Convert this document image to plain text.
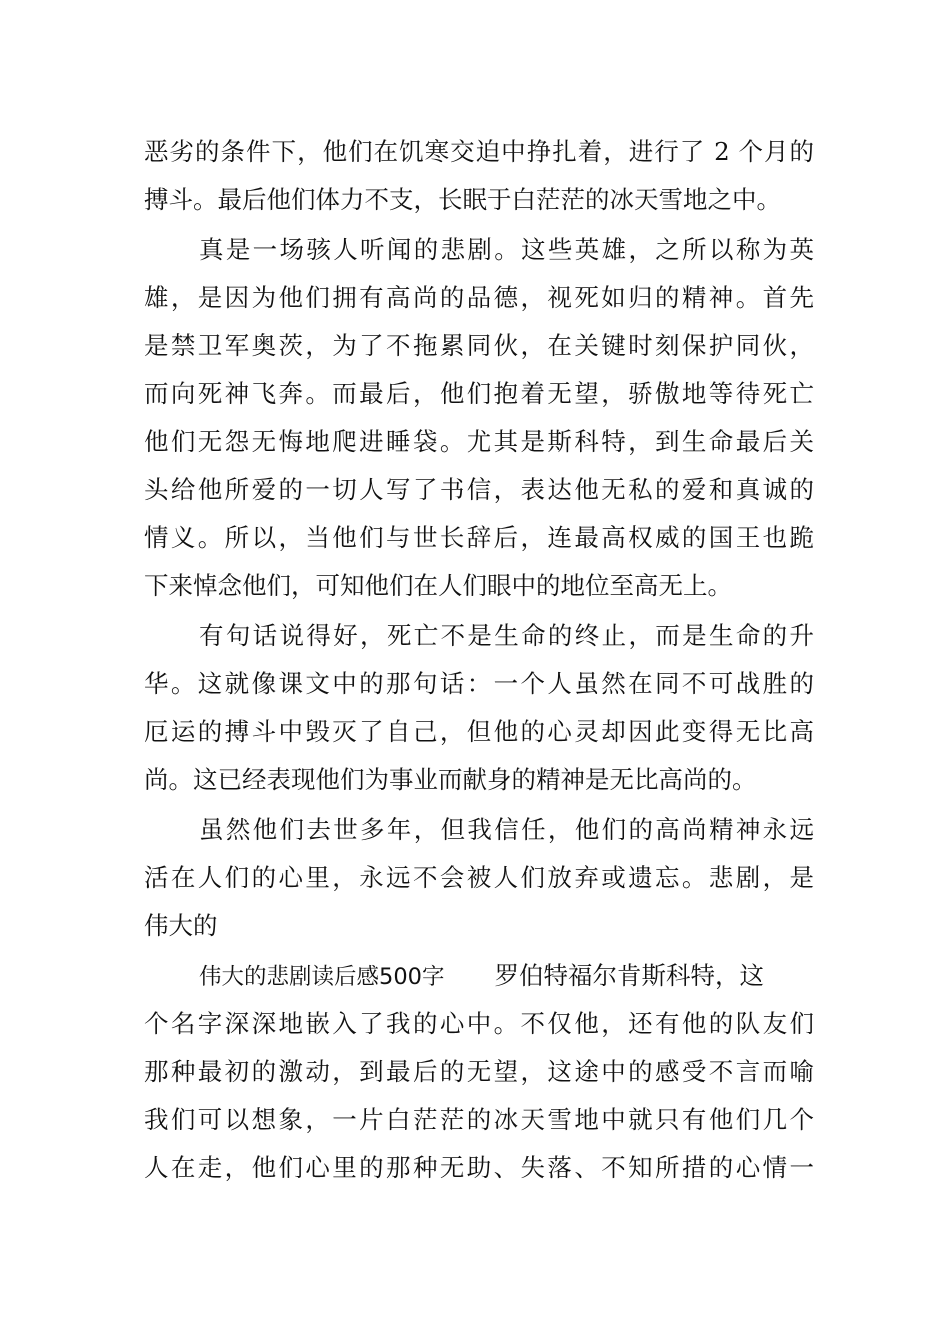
恶劣的条件下，他们在饥寒交迫中挣扎着，进行了 2 个月的
搏斗。最后他们体力不支，长眠于白茫茫的冰天雪地之中。
真是一场骇人听闻的悲剧。这些英雄，之所以称为英
雄，是因为他们拥有高尚的品德，视死如归的精神。首先
是禁卫军奥茨，为了不拖累同伙，在关键时刻保护同伙，
而向死神飞奔。而最后，他们抱着无望，骄傲地等待死亡
他们无怨无悔地爬进睡袋。尤其是斯科特，到生命最后关
头给他所爱的一切人写了书信，表达他无私的爱和真诚的
情义。所以，当他们与世长辞后，连最高权威的国王也跪
下来悼念他们，可知他们在人们眼中的地位至高无上。
有句话说得好，死亡不是生命的终止，而是生命的升
华。这就像课文中的那句话：一个人虽然在同不可战胜的
厄运的搏斗中毁灭了自己，但他的心灵却因此变得无比高
尚。这已经表现他们为事业而献身的精神是无比高尚的。
虽然他们去世多年，但我信任，他们的高尚精神永远
活在人们的心里，永远不会被人们放弃或遗忘。悲剧，是
伟大的
伟大的悲剧读后感500字 罗伯特福尔肯斯科特，这
个名字深深地嵌入了我的心中。不仅他，还有他的队友们
那种最初的激动，到最后的无望，这途中的感受不言而喻
我们可以想象，一片白茫茫的冰天雪地中就只有他们几个
人在走，他们心里的那种无助、失落、不知所措的心情一
